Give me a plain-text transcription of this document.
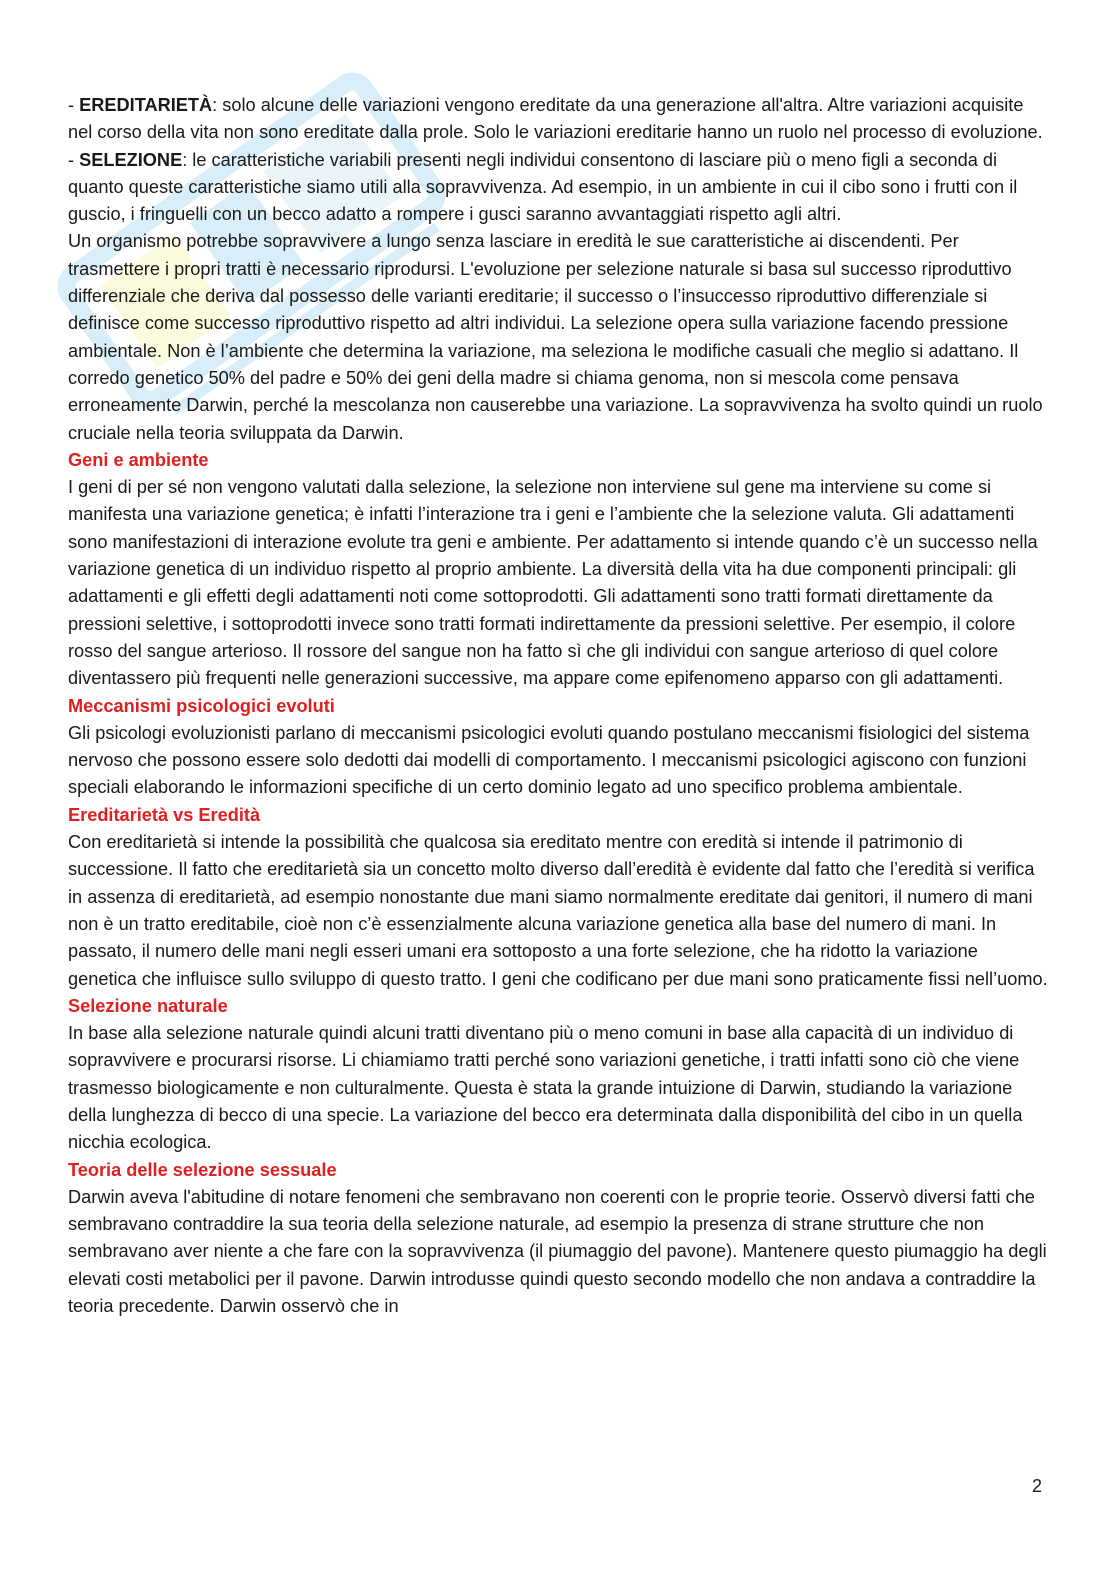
- EREDITARIETÀ: solo alcune delle variazioni vengono ereditate da una generazione all'altra. Altre variazioni acquisite nel corso della vita non sono ereditate dalla prole. Solo le variazioni ereditarie hanno un ruolo nel processo di evoluzione.

- SELEZIONE: le caratteristiche variabili presenti negli individui consentono di lasciare più o meno figli a seconda di quanto queste caratteristiche siamo utili alla sopravvivenza. Ad esempio, in un ambiente in cui il cibo sono i frutti con il guscio, i fringuelli con un becco adatto a rompere i gusci saranno avvantaggiati rispetto agli altri.

Un organismo potrebbe sopravvivere a lungo senza lasciare in eredità le sue caratteristiche ai discendenti. Per trasmettere i propri tratti è necessario riprodursi. L'evoluzione per selezione naturale si basa sul successo riproduttivo differenziale che deriva dal possesso delle varianti ereditarie; il successo o l’insuccesso riproduttivo differenziale si definisce come successo riproduttivo rispetto ad altri individui. La selezione opera sulla variazione facendo pressione ambientale. Non è l’ambiente che determina la variazione, ma seleziona le modifiche casuali che meglio si adattano. Il corredo genetico 50% del padre e 50% dei geni della madre si chiama genoma, non si mescola come pensava erroneamente Darwin, perché la mescolanza non causerebbe una variazione. La sopravvivenza ha svolto quindi un ruolo cruciale nella teoria sviluppata da Darwin.

Geni e ambiente

I geni di per sé non vengono valutati dalla selezione, la selezione non interviene sul gene ma interviene su come si manifesta una variazione genetica; è infatti l’interazione tra i geni e l’ambiente che la selezione valuta. Gli adattamenti sono manifestazioni di interazione evolute tra geni e ambiente. Per adattamento si intende quando c’è un successo nella variazione genetica di un individuo rispetto al proprio ambiente. La diversità della vita ha due componenti principali: gli adattamenti e gli effetti degli adattamenti noti come sottoprodotti. Gli adattamenti sono tratti formati direttamente da pressioni selettive, i sottoprodotti invece sono tratti formati indirettamente da pressioni selettive. Per esempio, il colore rosso del sangue arterioso. Il rossore del sangue non ha fatto sì che gli individui con sangue arterioso di quel colore diventassero più frequenti nelle generazioni successive, ma appare come epifenomeno apparso con gli adattamenti.

Meccanismi psicologici evoluti

Gli psicologi evoluzionisti parlano di meccanismi psicologici evoluti quando postulano meccanismi fisiologici del sistema nervoso che possono essere solo dedotti dai modelli di comportamento. I meccanismi psicologici agiscono con funzioni speciali elaborando le informazioni specifiche di un certo dominio legato ad uno specifico problema ambientale.

Ereditarietà vs Eredità

Con ereditarietà si intende la possibilità che qualcosa sia ereditato mentre con eredità si intende il patrimonio di successione. Il fatto che ereditarietà sia un concetto molto diverso dall’eredità è evidente dal fatto che l’eredità si verifica in assenza di ereditarietà, ad esempio nonostante due mani siamo normalmente ereditate dai genitori, il numero di mani non è un tratto ereditabile, cioè non c’è essenzialmente alcuna variazione genetica alla base del numero di mani. In passato, il numero delle mani negli esseri umani era sottoposto a una forte selezione, che ha ridotto la variazione genetica che influisce sullo sviluppo di questo tratto. I geni che codificano per due mani sono praticamente fissi nell’uomo.

Selezione naturale

In base alla selezione naturale quindi alcuni tratti diventano più o meno comuni in base alla capacità di un individuo di sopravvivere e procurarsi risorse. Li chiamiamo tratti perché sono variazioni genetiche, i tratti infatti sono ciò che viene trasmesso biologicamente e non culturalmente. Questa è stata la grande intuizione di Darwin, studiando la variazione della lunghezza di becco di una specie. La variazione del becco era determinata dalla disponibilità del cibo in un quella nicchia ecologica.

Teoria delle selezione sessuale

Darwin aveva l'abitudine di notare fenomeni che sembravano non coerenti con le proprie teorie. Osservò diversi fatti che sembravano contraddire la sua teoria della selezione naturale, ad esempio la presenza di strane strutture che non sembravano aver niente a che fare con la sopravvivenza (il piumaggio del pavone). Mantenere questo piumaggio ha degli elevati costi metabolici per il pavone. Darwin introdusse quindi questo secondo modello che non andava a contraddire la teoria precedente. Darwin osservò che in

2
